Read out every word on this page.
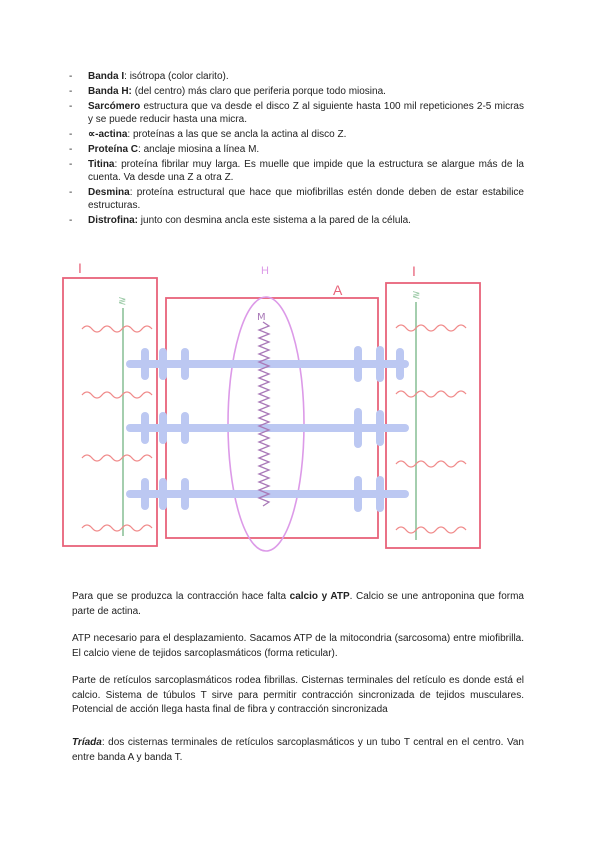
- Banda I: isótropa (color clarito).
- Banda H: (del centro) más claro que periferia porque todo miosina.
- Sarcómero estructura que va desde el disco Z al siguiente hasta 100 mil repeticiones 2-5 micras y se puede reducir hasta una micra.
- ∝-actina: proteínas a las que se ancla la actina al disco Z.
- Proteína C: anclaje miosina a línea M.
- Titina: proteína fibrilar muy larga. Es muelle que impide que la estructura se alargue más de la cuenta. Va desde una Z a otra Z.
- Desmina: proteína estructural que hace que miofibrillas estén donde deben de estar estabilice estructuras.
- Distrofina: junto con desmina ancla este sistema a la pared de la célula.
I	H
A
I
≷
≷
M

Para que se produzca la contracción hace falta calcio y ATP. Calcio se une antroponina que forma parte de actina.

ATP necesario para el desplazamiento. Sacamos ATP de la mitocondria (sarcosoma) entre miofibrilla. El calcio viene de tejidos sarcoplasmáticos (forma reticular).

Parte de retículos sarcoplasmáticos rodea fibrillas. Cisternas terminales del retículo es donde está el calcio. Sistema de túbulos T sirve para permitir contracción sincronizada de tejidos musculares. Potencial de acción llega hasta final de fibra y contracción sincronizada

Tríada: dos cisternas terminales de retículos sarcoplasmáticos y un tubo T central en el centro. Van entre banda A y banda T.
